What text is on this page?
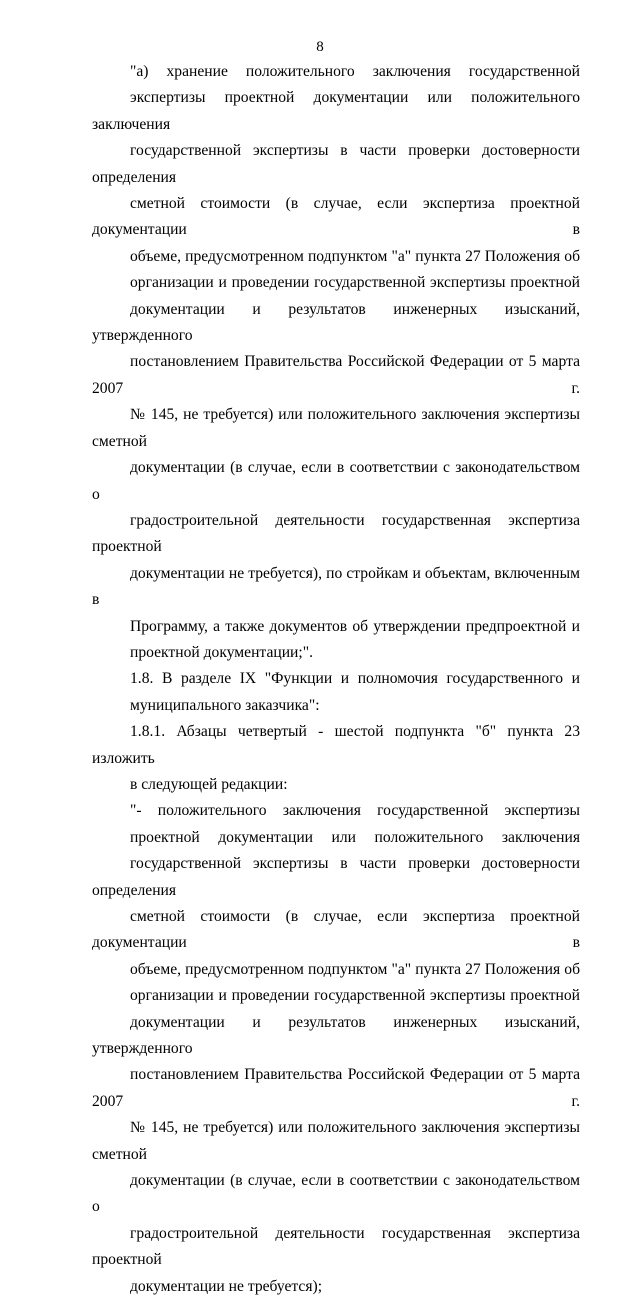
8

"а) хранение положительного заключения государственной
экспертизы проектной документации или положительного заключения
государственной экспертизы в части проверки достоверности определения
сметной стоимости (в случае, если экспертиза проектной документации в
объеме, предусмотренном подпунктом "а" пункта 27 Положения об
организации и проведении государственной экспертизы проектной
документации и результатов инженерных изысканий, утвержденного
постановлением Правительства Российской Федерации от 5 марта 2007 г.
№ 145, не требуется) или положительного заключения экспертизы сметной
документации (в случае, если в соответствии с законодательством о
градостроительной деятельности государственная экспертиза проектной
документации не требуется), по стройкам и объектам, включенным в
Программу, а также документов об утверждении предпроектной и
проектной документации;".

1.8. В разделе IX "Функции и полномочия государственного и
муниципального заказчика":

1.8.1. Абзацы четвертый - шестой подпункта "б" пункта 23 изложить
в следующей редакции:

"- положительного заключения государственной экспертизы
проектной документации или положительного заключения
государственной экспертизы в части проверки достоверности определения
сметной стоимости (в случае, если экспертиза проектной документации в
объеме, предусмотренном подпунктом "а" пункта 27 Положения об
организации и проведении государственной экспертизы проектной
документации и результатов инженерных изысканий, утвержденного
постановлением Правительства Российской Федерации от 5 марта 2007 г.
№ 145, не требуется) или положительного заключения экспертизы сметной
документации (в случае, если в соответствии с законодательством о
градостроительной деятельности государственная экспертиза проектной
документации не требуется);
